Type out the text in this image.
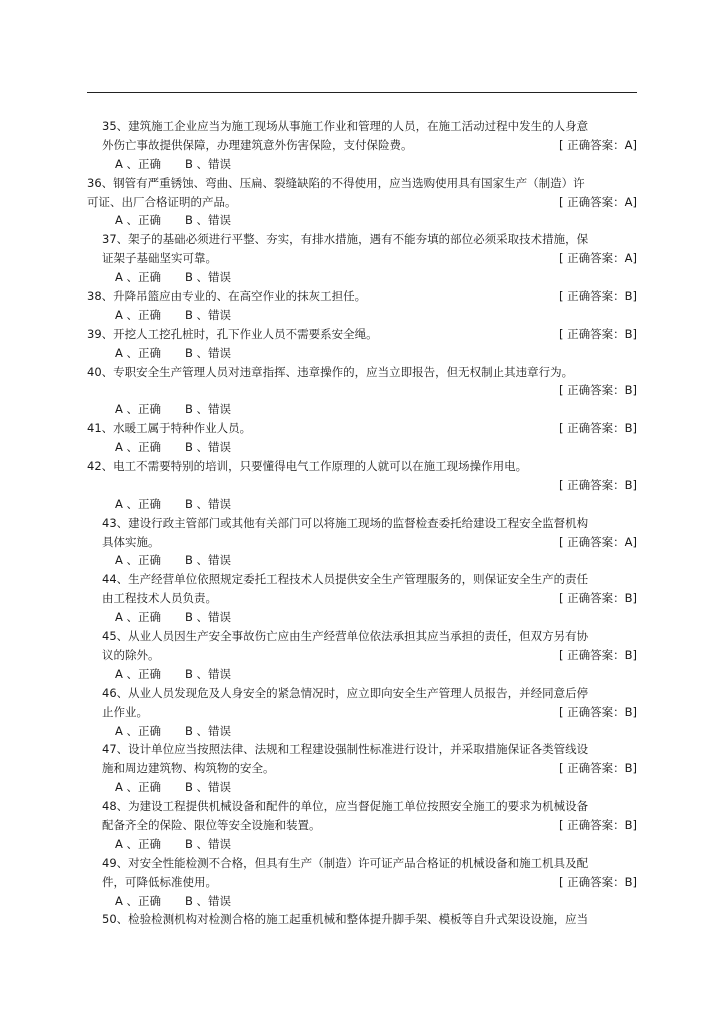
35、建筑施工企业应当为施工现场从事施工作业和管理的人员，在施工活动过程中发生的人身意
外伤亡事故提供保障，办理建筑意外伤害保险，支付保险费。	[ 正确答案：A]
A 、正确 B 、错误
36、钢管有严重锈蚀、弯曲、压扁、裂缝缺陷的不得使用，应当选购使用具有国家生产（制造）许
可证、出厂合格证明的产品。	[ 正确答案：A]
A 、正确 B 、错误
37、架子的基础必须进行平整、夯实，有排水措施，遇有不能夯填的部位必须采取技术措施，保
证架子基础坚实可靠。	[ 正确答案：A]
A 、正确 B 、错误
38、升降吊篮应由专业的、在高空作业的抹灰工担任。	[ 正确答案：B]
A 、正确 B 、错误
39、开挖人工挖孔桩时，孔下作业人员不需要系安全绳。	[ 正确答案：B]
A 、正确 B 、错误
40、专职安全生产管理人员对违章指挥、违章操作的，应当立即报告，但无权制止其违章行为。
[ 正确答案：B]
A 、正确 B 、错误
41、水暖工属于特种作业人员。	[ 正确答案：B]
A 、正确 B 、错误
42、电工不需要特别的培训，只要懂得电气工作原理的人就可以在施工现场操作用电。
[ 正确答案：B]
A 、正确 B 、错误
43、建设行政主管部门或其他有关部门可以将施工现场的监督检查委托给建设工程安全监督机构
具体实施。	[ 正确答案：A]
A 、正确 B 、错误
44、生产经营单位依照规定委托工程技术人员提供安全生产管理服务的，则保证安全生产的责任
由工程技术人员负责。	[ 正确答案：B]
A 、正确 B 、错误
45、从业人员因生产安全事故伤亡应由生产经营单位依法承担其应当承担的责任，但双方另有协
议的除外。	[ 正确答案：B]
A 、正确 B 、错误
46、从业人员发现危及人身安全的紧急情况时，应立即向安全生产管理人员报告，并经同意后停
止作业。	[ 正确答案：B]
A 、正确 B 、错误
47、设计单位应当按照法律、法规和工程建设强制性标准进行设计，并采取措施保证各类管线设
施和周边建筑物、构筑物的安全。	[ 正确答案：B]
A 、正确 B 、错误
48、为建设工程提供机械设备和配件的单位，应当督促施工单位按照安全施工的要求为机械设备
配备齐全的保险、限位等安全设施和装置。	[ 正确答案：B]
A 、正确 B 、错误
49、对安全性能检测不合格，但具有生产（制造）许可证产品合格证的机械设备和施工机具及配
件，可降低标准使用。	[ 正确答案：B]
A 、正确 B 、错误
50、检验检测机构对检测合格的施工起重机械和整体提升脚手架、模板等自升式架设设施，应当
